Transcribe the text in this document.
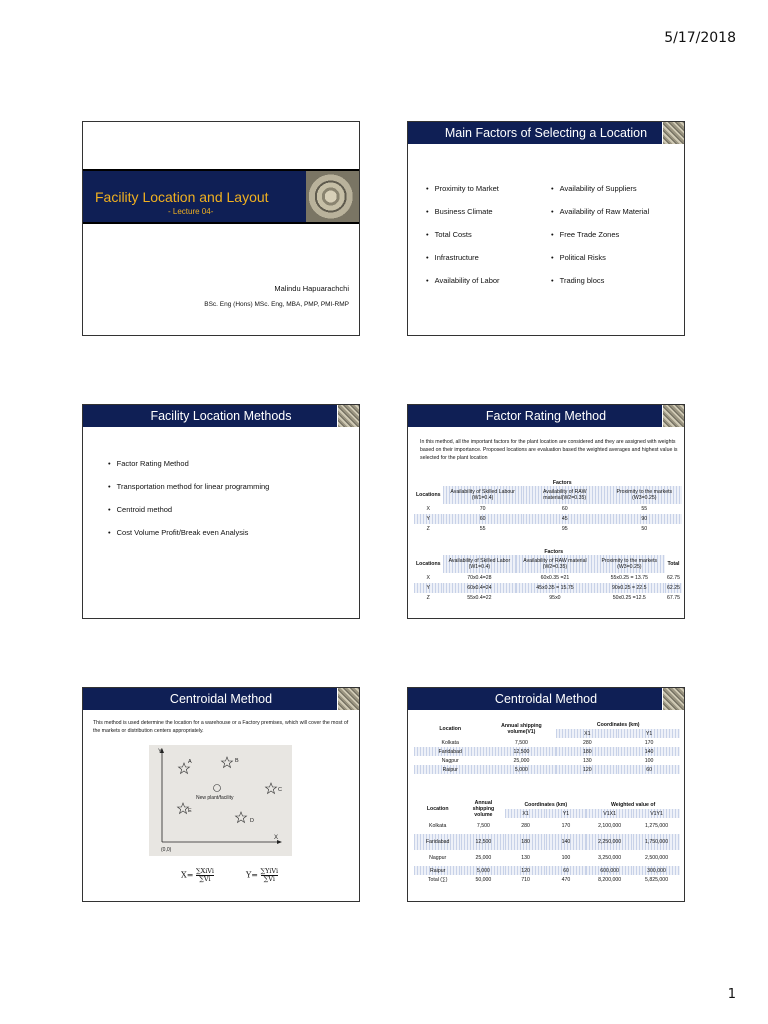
5/17/2018
Facility Location and Layout
- Lecture 04-
Malindu Hapuarachchi
BSc. Eng (Hons) MSc. Eng, MBA, PMP, PMI-RMP
Main Factors of Selecting a Location
• Proximity to Market
• Business Climate
• Total Costs
• Infrastructure
• Availability of Labor
• Availability of Suppliers
• Availability of Raw Material
• Free Trade Zones
• Political Risks
• Trading blocs
Facility Location Methods
• Factor Rating Method
• Transportation method for linear programming
• Centroid method
• Cost Volume Profit/Break even Analysis
Factor Rating Method
In this method, all the important factors for the plant location are considered and they are assigned with weights based on their importance. Proposed locations are evaluation based the weighted averages and highest value is selected for the plant location
	Factors		
Locations	Availability of Skilled Labour (W1=0.4)	Availability of RAW material(W2=0.35)	Proximity to the markets (W3=0.25)
X	70	60	55
Y	60	45	90
Z	55	95	50
	Factors			
Locations	Availability of Skilled Labor (W1=0.4)	Availability of RAW material (W2=0.35)	Proximity to the markets (W3=0.25)	Total
X	70x0.4=28	60x0.35 =21	55x0.25 = 13.75	62.75
Y	60x0.4=24	45x0.35 = 15.75	90x0.25 = 22.5	62.25
Z	55x0.4=22	95x0	50x0.25 =12.5	67.75
Centroidal Method
This method is used determine the location for a warehouse or a Factory premises, which will cover the most of the markets or distribution centers appropriately.
Y
X
(0,0)
A	B
C
D
E
New plant/facility
X= ∑XiVi
∑Vi	Y= ∑YiVi
∑Vi
Centroidal Method
Location	Annual shipping volume(V1)	Coordinates (km)	
		X1	Y1
Kolkata	7,500	280	170
Faridabad	12,500	180	140
Nagpur	25,000	130	100
Raipur	5,000	120	60
Location	Annual shipping volume	Coordinates (km)		Weighted value of	
		X1	Y1	V1X1	V1Y1
Kolkata	7,500	280	170	2,100,000	1,275,000
Faridabad	12,500	180	140	2,250,000	1,750,000
Nagpur	25,000	130	100	3,250,000	2,500,000
Raipur	5,000	120	60	600,000	300,000
Total (∑)	50,000	710	470	8,200,000	5,825,000
1
